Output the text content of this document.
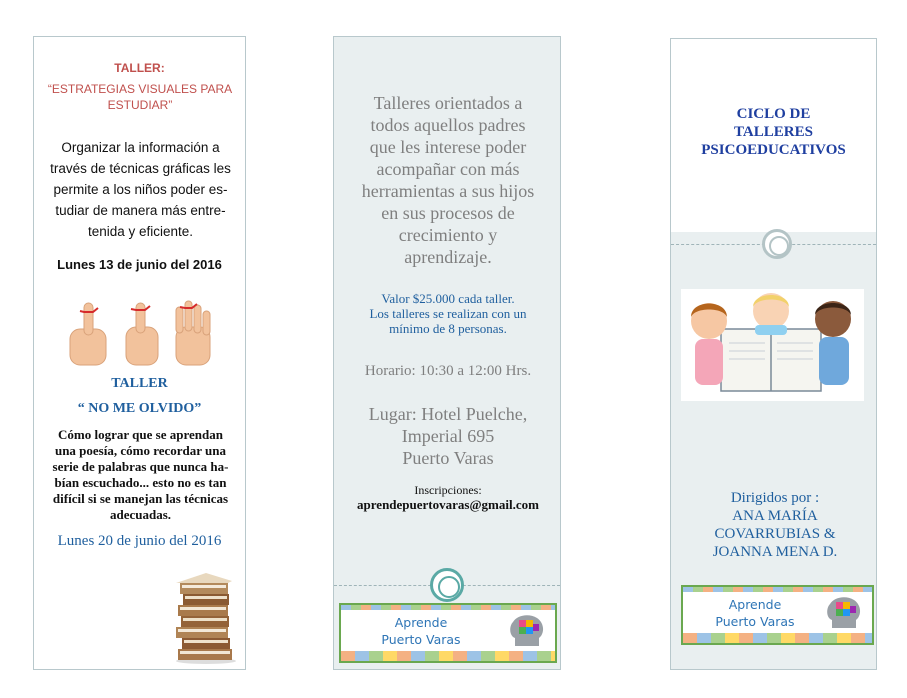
TALLER:
“ESTRATEGIAS VISUALES PARA ESTUDIAR”
Organizar la información a
través de técnicas gráficas les
permite a los niños poder es-
tudiar de manera más entre-
tenida y eficiente.
Lunes 13 de junio del 2016
TALLER
“ NO ME OLVIDO”
Cómo lograr que se aprendan
una poesía, cómo recordar una
serie de palabras que nunca ha-
bían escuchado... esto no es tan
difícil si se manejan las técnicas
adecuadas.
Lunes 20 de junio del 2016
Talleres orientados a
todos aquellos padres
que les interese poder
acompañar con más
herramientas a sus hijos
en sus procesos de
crecimiento y
aprendizaje.
Valor $25.000 cada taller.
Los talleres se realizan con un
mínimo de 8 personas.
Horario: 10:30 a 12:00 Hrs.
Lugar: Hotel Puelche,
Imperial 695
Puerto Varas
Inscripciones:
aprendepuertovaras@gmail.com
Aprende
Puerto Varas
CICLO DE
TALLERES
PSICOEDUCATIVOS
Dirigidos por :
ANA MARÍA
COVARRUBIAS &
JOANNA MENA D.
Aprende
Puerto Varas
